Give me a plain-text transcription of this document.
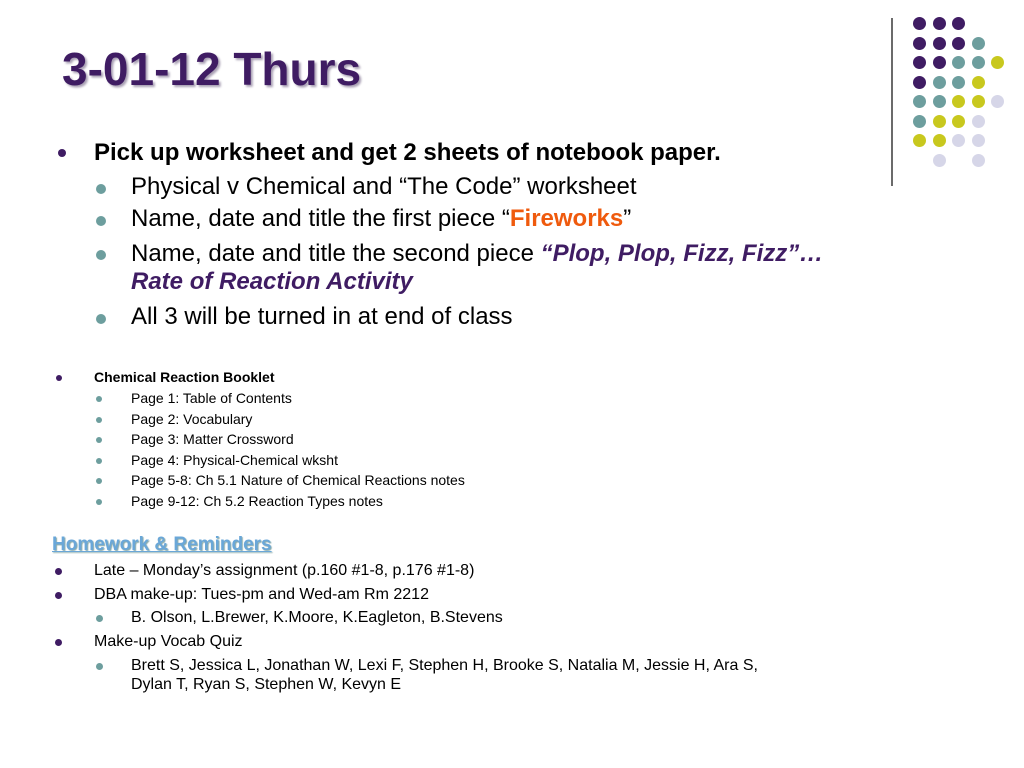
3-01-12 Thurs
Pick up worksheet and get 2 sheets of notebook paper.
Physical v Chemical and “The Code” worksheet
Name, date and title the first piece “Fireworks”
Name, date and title the second piece “Plop, Plop, Fizz, Fizz”…
Rate of Reaction Activity
All 3 will be turned in at end of class
Chemical Reaction Booklet
Page 1: Table of Contents
Page 2: Vocabulary
Page 3: Matter Crossword
Page 4: Physical-Chemical wksht
Page 5-8: Ch 5.1 Nature of Chemical Reactions notes
Page 9-12: Ch 5.2 Reaction Types notes
Homework & Reminders
Late – Monday’s assignment (p.160 #1-8, p.176 #1-8)
DBA make-up: Tues-pm and Wed-am Rm 2212
B. Olson, L.Brewer, K.Moore, K.Eagleton, B.Stevens
Make-up Vocab Quiz
Brett S, Jessica L, Jonathan W, Lexi F, Stephen H, Brooke S, Natalia M, Jessie H, Ara S,
Dylan T, Ryan S, Stephen W, Kevyn E
